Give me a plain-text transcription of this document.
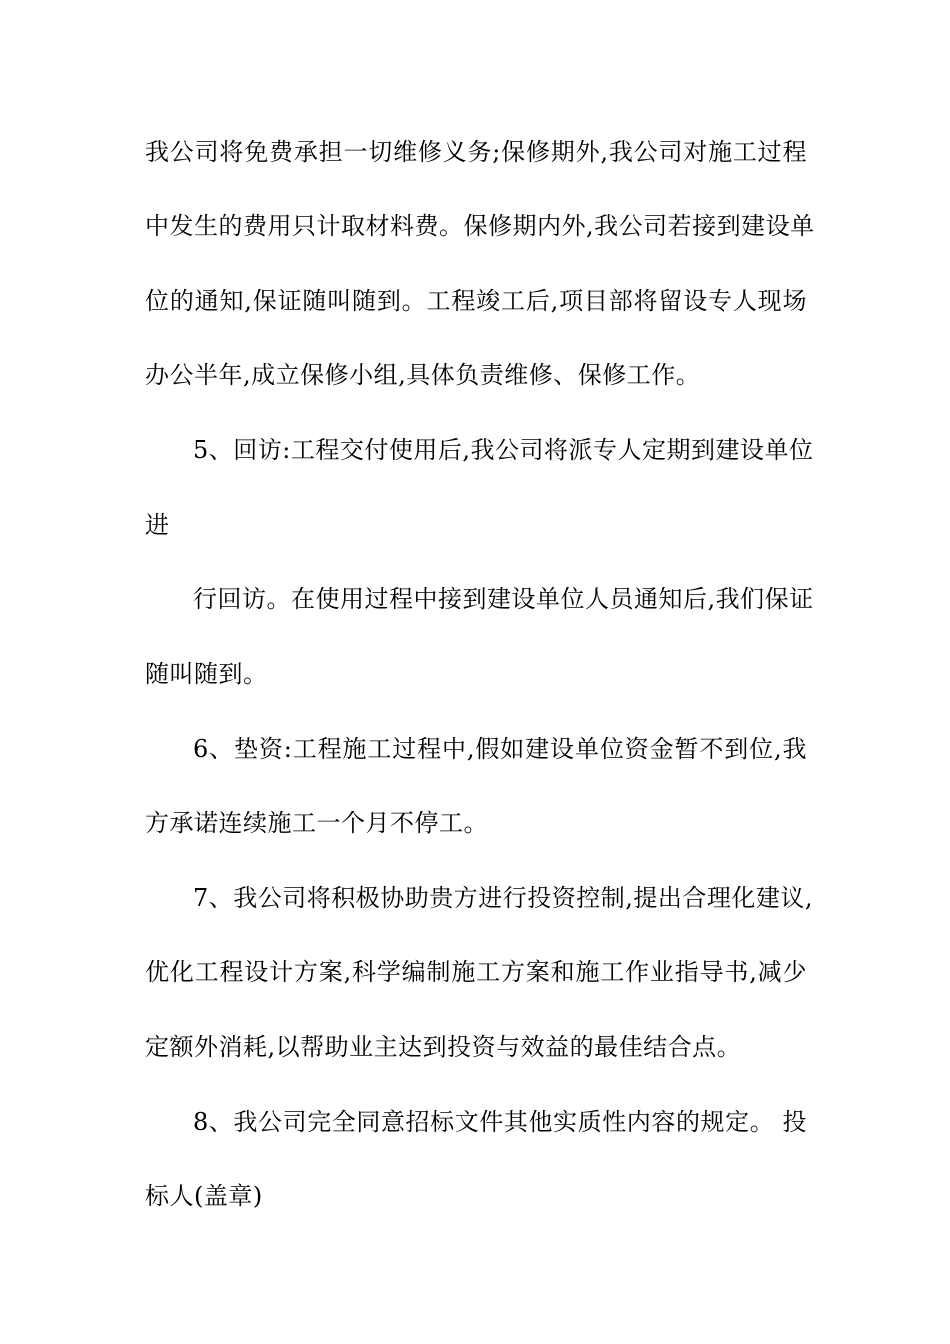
我公司将免费承担一切维修义务;保修期外,我公司对施工过程
中发生的费用只计取材料费。保修期内外,我公司若接到建设单
位的通知,保证随叫随到。工程竣工后,项目部将留设专人现场
办公半年,成立保修小组,具体负责维修、保修工作。
5、回访:工程交付使用后,我公司将派专人定期到建设单位
进
行回访。在使用过程中接到建设单位人员通知后,我们保证
随叫随到。
6、垫资:工程施工过程中,假如建设单位资金暂不到位,我
方承诺连续施工一个月不停工。
7、我公司将积极协助贵方进行投资控制,提出合理化建议,
优化工程设计方案,科学编制施工方案和施工作业指导书,减少
定额外消耗,以帮助业主达到投资与效益的最佳结合点。
8、我公司完全同意招标文件其他实质性内容的规定。 投
标人(盖章)
